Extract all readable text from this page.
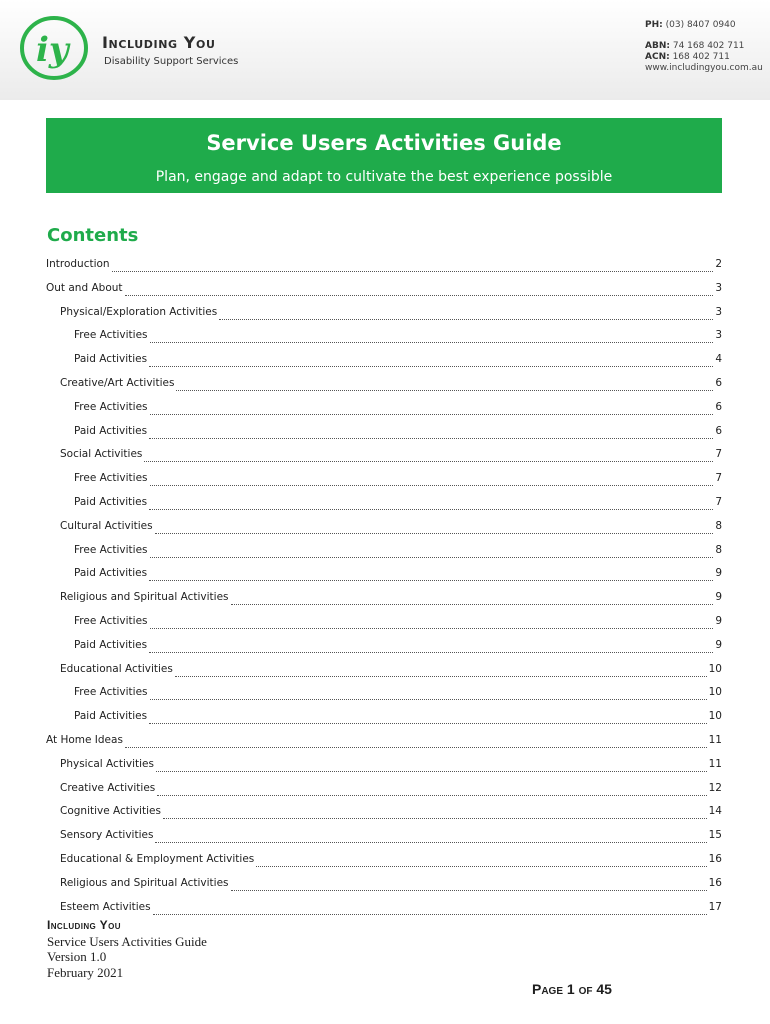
iy Including You
Disability Support Services
PH: (03) 8407 0940
ABN: 74 168 402 711
ACN: 168 402 711
www.includingyou.com.au
Service Users Activities Guide
Plan, engage and adapt to cultivate the best experience possible
Contents
Introduction	2
Out and About	3
Physical/Exploration Activities	3
Free Activities	3
Paid Activities	4
Creative/Art Activities	6
Free Activities	6
Paid Activities	6
Social Activities	7
Free Activities	7
Paid Activities	7
Cultural Activities	8
Free Activities	8
Paid Activities	9
Religious and Spiritual Activities	9
Free Activities	9
Paid Activities	9
Educational Activities	10
Free Activities	10
Paid Activities	10
At Home Ideas	11
Physical Activities	11
Creative Activities	12
Cognitive Activities	14
Sensory Activities	15
Educational & Employment Activities	16
Religious and Spiritual Activities	16
Esteem Activities	17
Including You
Service Users Activities Guide
Version 1.0
February 2021
Page 1 of 45
